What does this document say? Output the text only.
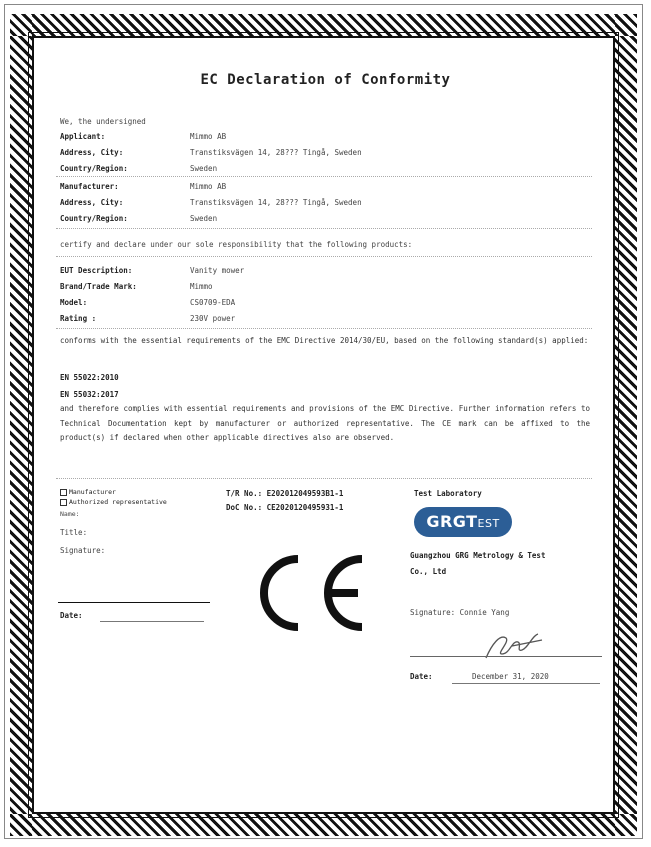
EC Declaration of Conformity
We, the undersigned
Applicant:	Mimmo AB
Address, City:	Transtiksvägen 14, 28??? Tingå, Sweden
Country/Region:	Sweden
Manufacturer:	Mimmo AB
Address, City:	Transtiksvägen 14, 28??? Tingå, Sweden
Country/Region:	Sweden
certify and declare under our sole responsibility that the following products:
EUT Description:	Vanity mower
Brand/Trade Mark:	Mimmo
Model:	CS0709-EDA
Rating :	230V power
conforms with the essential requirements of the EMC Directive 2014/30/EU, based on the following standard(s) applied:
EN 55022:2010
EN 55032:2017
and therefore complies with essential requirements and provisions of the EMC Directive. Further information refers to Technical Documentation kept by manufacturer or authorized representative. The CE mark can be affixed to the product(s) if declared when other applicable directives also are observed.
Manufacturer
Authorized representative
Name:
Title:
Signature:
Date:
T/R No.: E202012049593B1-1
DoC No.: CE2020120495931-1
Test Laboratory
GRGTEST
Guangzhou GRG Metrology & Test
Co., Ltd
Signature: Connie Yang
Date:	December 31, 2020
